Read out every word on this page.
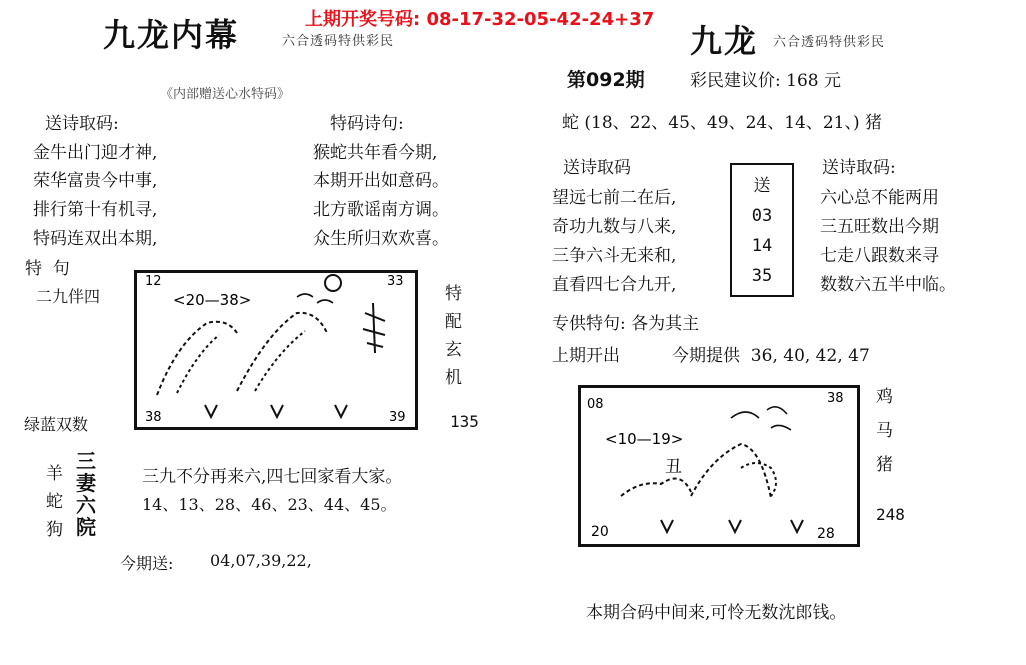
九龙内幕	六合透码特供彩民
《内部赠送心水特码》
送诗取码:	特码诗句:
金牛出门迎才神,
荣华富贵今中事,
排行第十有机寻,
特码连双出本期,
猴蛇共年看今期,
本期开出如意码。
北方歌谣南方调。
众生所归欢欢喜。
特  句
二九伴四
绿蓝双数	135
特
配
玄
机
12	33
38	39
<20—38>
羊
蛇
狗
三
妻
六
院
三九不分再来六,四七回家看大家。
14、13、28、46、23、44、45。
今期送: 04,07,39,22,
上期开奖号码: 08-17-32-05-42-24+37
九龙 六合透码特供彩民
第092期	彩民建议价: 168 元
蛇 (18、22、45、49、24、14、21、) 猪
送诗取码	送诗取码:
望远七前二在后,
奇功九数与八来,
三争六斗无来和,
直看四七合九开,
送
03
14
35
六心总不能两用
三五旺数出今期
七走八跟数来寻
数数六五半中临。
专供特句: 各为其主
上期开出	今期提供  36, 40, 42, 47
08	38
20	28
<10—19>
丑
鸡
马
猪
248
本期合码中间来,可怜无数沈郎钱。
